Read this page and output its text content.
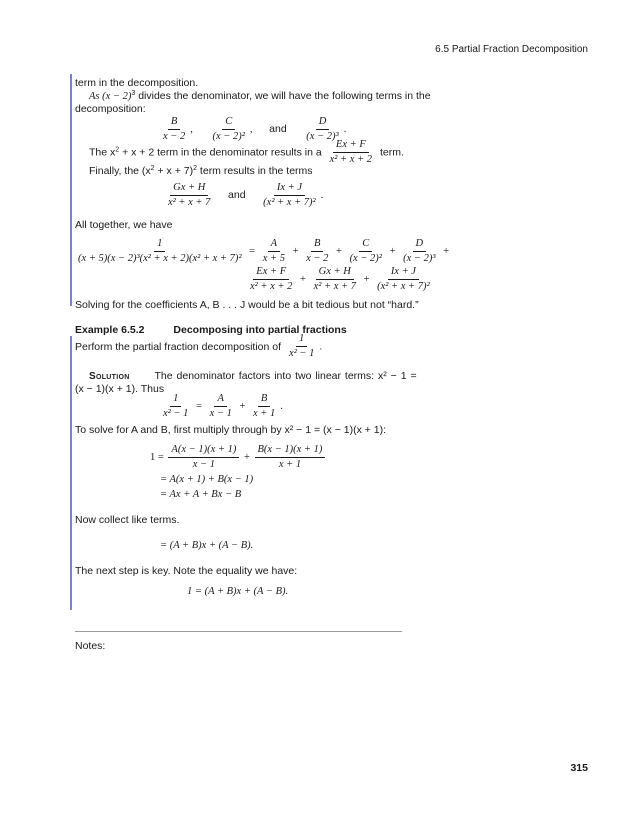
6.5 Partial Fraction Decomposition
term in the decomposition.
As $(x - 2)^3$ divides the denominator, we will have the following terms in the
decomposition:
$\frac{B}{x - 2}$ , $\frac{C}{\text{(x − 2)²}}$ , and $\frac{D}{\text{(x − 2)³}}$ .
The $x^2 + x + 2$ term in the denominator results in a $\frac{Ex + F}{\text{x² + x + 2}}$ term.
Finally, the $(x^2 + x + 7)^2$ term results in the terms
$\frac{Gx + H}{\text{x² + x + 7}}$ and $\frac{Ix + J}{\text{(x² + x + 7)²}}$ .
All together, we have
$\frac{1}{\text{(x + 5)(x − 2)³(x² + x + 2)(x² + x + 7)²}} = \frac{A}{x + 5} + \frac{B}{x - 2} + \frac{C}{\text{(x − 2)²}} + \frac{D}{\text{(x − 2)³}}$ +
$\frac{Ex + F}{\text{x² + x + 2}} + \frac{Gx + H}{\text{x² + x + 7}} + \frac{Ix + J}{\text{(x² + x + 7)²}}$
Solving for the coefficients A, B . . . J would be a bit tedious but not “hard.”
Example 6.5.2	Decomposing into partial fractions
Perform the partial fraction decomposition of $\frac{1}{\text{x² − 1}}$ .
Solution The denominator factors into two linear terms: x² − 1 =
(x − 1)(x + 1). Thus
$\frac{1}{\text{x² − 1}} = \frac{A}{x - 1} + \frac{B}{x + 1}$ .
To solve for A and B, first multiply through by x² − 1 = (x − 1)(x + 1):
$1 = \frac{A(x - 1)(x + 1)}{x - 1} + \frac{B(x - 1)(x + 1)}{x + 1}$
= A(x + 1) + B(x − 1)
= Ax + A + Bx − B
Now collect like terms.
= (A + B)x + (A − B).
The next step is key. Note the equality we have:
1 = (A + B)x + (A − B).
Notes:
315
